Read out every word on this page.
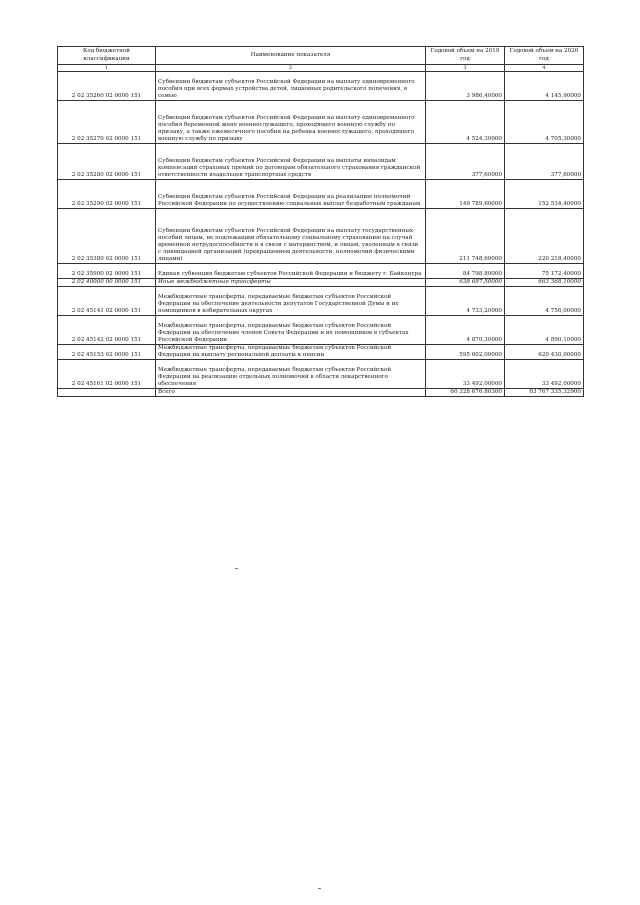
Код бюджетной классификации	Наименование показателя	Годовой объем на 2019 год	Годовой объем на 2020 год
1	2	3	4
2 02 35260 02 0000 151	Субвенции бюджетам субъектов Российской Федерации на выплату единовременного пособия при всех формах устройства детей, лишенных родительского попечения, в семью	3 986,40000	4 145,90000
2 02 35270 02 0000 151	Субвенции бюджетам субъектов Российской Федерации на выплату единовременного пособия беременной жене военнослужащего, проходящего военную службу по призыву, а также ежемесячного пособия на ребенка военнослужащего, проходящего военную службу по призыву	4 524,30000	4 705,30000
2 02 35280 02 0000 151	Субвенции бюджетам субъектов Российской Федерации на выплаты инвалидам компенсаций страховых премий по договорам обязательного страхования гражданской ответственности владельцев транспортных средств	377,60000	377,60000
2 02 35290 02 0000 151	Субвенции бюджетам субъектов Российской Федерации на реализацию полномочий Российской Федерации по осуществлению социальных выплат безработным гражданам	149 789,60000	152 534,40000
2 02 35380 02 0000 151	Субвенции бюджетам субъектов Российской Федерации на выплату государственных пособий лицам, не подлежащим обязательному социальному страхованию на случай временной нетрудоспособности и в связи с материнством, и лицам, уволенным в связи с ликвидацией организаций (прекращением деятельности, полномочий физическими лицами)	211 748,60000	220 218,40000
2 02 35900 02 0000 151	Единая субвенция бюджетам субъектов Российской Федерации и бюджету г. Байконура	84 798,80000	75 172,40000
2 02 40000 00 0000 151	Иные межбюджетные трансферты	638 697,50000	663 368,10000
2 02 45141 02 0000 151	Межбюджетные трансферты, передаваемые бюджетам субъектов Российской Федерации на обеспечение деятельности депутатов Государственной Думы и их помощников в избирательных округах	4 733,20000	4 756,00000
2 02 45142 02 0000 151	Межбюджетные трансферты, передаваемые бюджетам субъектов Российской Федерации на обеспечение членов Совета Федерации и их помощников в субъектах Российской Федерации	4 870,30000	4 890,10000
2 02 45153 02 0000 151	Межбюджетные трансферты, передаваемые бюджетам субъектов Российской Федерации на выплату региональной доплаты к пенсии	595 602,00000	620 430,00000
2 02 45161 02 0000 151	Межбюджетные трансферты, передаваемые бюджетам субъектов Российской Федерации на реализацию отдельных полномочий в области лекарственного обеспечения	33 492,00000	33 492,00000
	Всего	60 328 676,80300	63 767 335,32900
